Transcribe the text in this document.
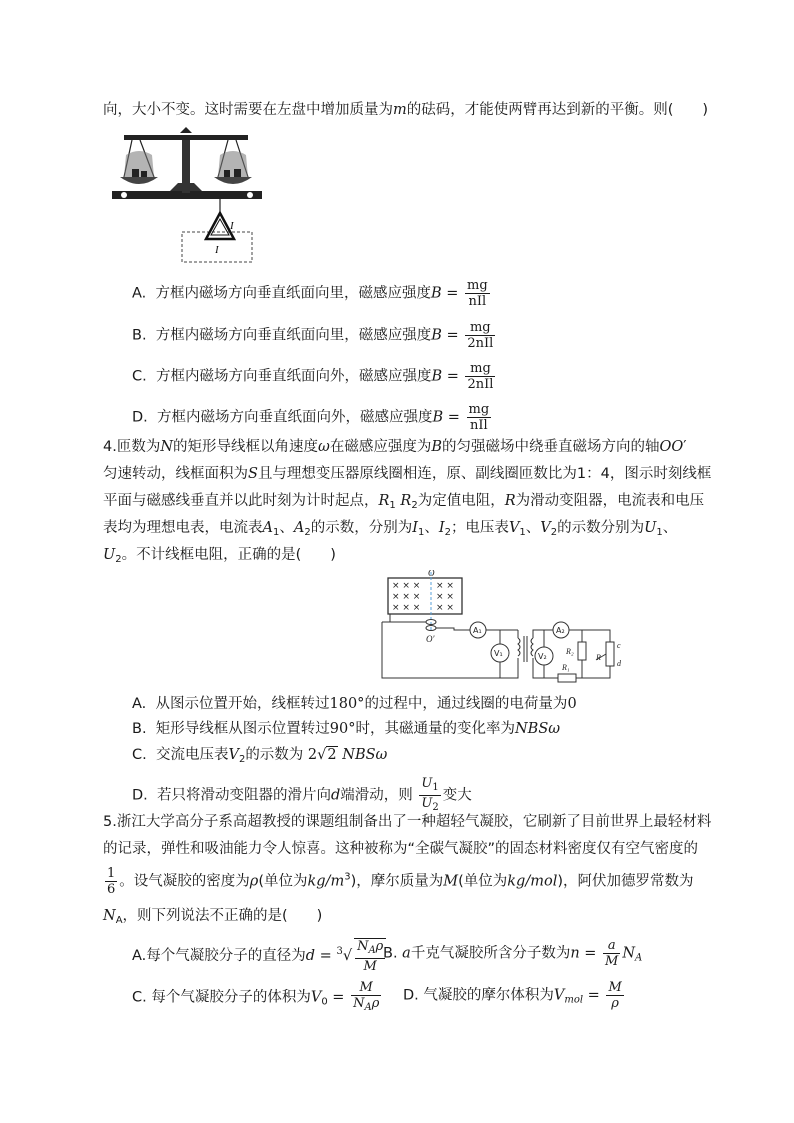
向，大小不变。这时需要在左盘中增加质量为m的砝码，才能使两臂再达到新的平衡。则(　　)
I
I
A. 方框内磁场方向垂直纸面向里，磁感应强度$B = \frac{mg}{\text{nIl}}$
B. 方框内磁场方向垂直纸面向里，磁感应强度$B = \frac{mg}{\text{2nIl}}$
C. 方框内磁场方向垂直纸面向外，磁感应强度$B = \frac{mg}{\text{2nIl}}$
D. 方框内磁场方向垂直纸面向外，磁感应强度$B = \frac{mg}{\text{nIl}}$
4.匝数为N的矩形导线框以角速度ω在磁感应强度为B的匀强磁场中绕垂直磁场方向的轴OO′
匀速转动，线框面积为S且与理想变压器原线圈相连，原、副线圈匝数比为1：4，图示时刻线框
平面与磁感线垂直并以此时刻为计时起点，$R_1$ $R_2$为定值电阻，R为滑动变阻器，电流表和电压
表均为理想电表，电流表$A_1$、$A_2$的示数，分别为$I_1$、$I_2$；电压表$V_1$、$V_2$的示数分别为$U_1$、
$U_2$。不计线框电阻，正确的是(　　)
× × × × ×
× × × × ×
× × × × ×
O
O′
A₁
V₁	V₂
A₂
R₂
R₁
R
c
d
A. 从图示位置开始，线框转过180°的过程中，通过线圈的电荷量为0
B. 矩形导线框从图示位置转过90°时，其磁通量的变化率为NBSω
C. 交流电压表$V_2$的示数为 2√2 NBSω
D. 若只将滑动变阻器的滑片向d端滑动，则 $\frac{U_1}{U_2}$ 变大
5.浙江大学高分子系高超教授的课题组制备出了一种超轻气凝胶，它刷新了目前世界上最轻材料
的记录，弹性和吸油能力令人惊喜。这种被称为“全碳气凝胶”的固态材料密度仅有空气密度的
$\frac{1}{6}$ 。设气凝胶的密度为ρ(单位为$kg/m^3$)，摩尔质量为M(单位为kg/mol)，阿伏加德罗常数为
$N_A$，则下列说法不正确的是(　　)
A.每个气凝胶分子的直径为$d = ^3√ \frac{N_A\rho}{M}$
B. a千克气凝胶所含分子数为$n = \frac{a}{M} N_A$
C. 每个气凝胶分子的体积为$V_0 = \frac{M}{N_A\rho} D$. 气凝胶的摩尔体积为$V_{mol} = \frac{M}{\rho}$
